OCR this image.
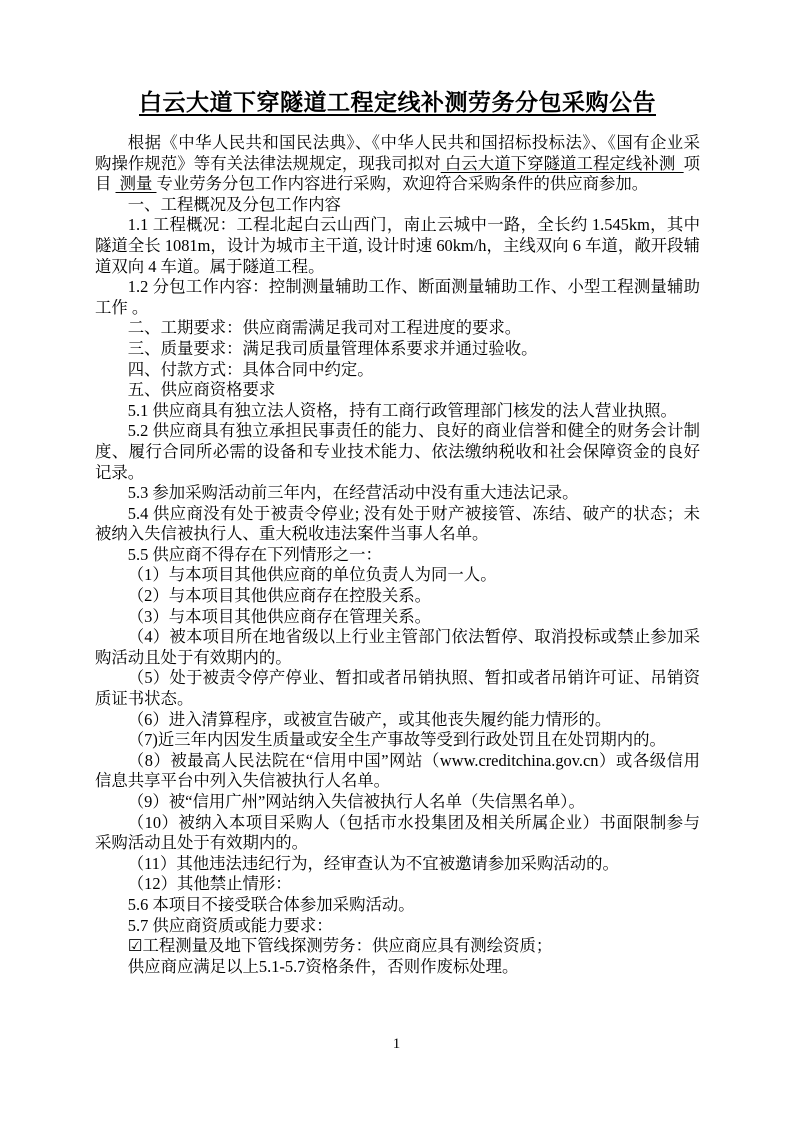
白云大道下穿隧道工程定线补测劳务分包采购公告

根据《中华人民共和国民法典》、《中华人民共和国招标投标法》、《国有企业采购操作规范》等有关法律法规规定，现我司拟对 白云大道下穿隧道工程定线补测  项目  测量 专业劳务分包工作内容进行采购，欢迎符合采购条件的供应商参加。

一、工程概况及分包工作内容

1.1 工程概况：工程北起白云山西门，南止云城中一路，全长约 1.545km，其中隧道全长 1081m，设计为城市主干道, 设计时速 60km/h，主线双向 6 车道，敞开段辅道双向 4 车道。属于隧道工程。

1.2 分包工作内容：控制测量辅助工作、断面测量辅助工作、小型工程测量辅助工作 。

二、工期要求：供应商需满足我司对工程进度的要求。

三、质量要求：满足我司质量管理体系要求并通过验收。

四、付款方式：具体合同中约定。

五、供应商资格要求

5.1 供应商具有独立法人资格，持有工商行政管理部门核发的法人营业执照。

5.2 供应商具有独立承担民事责任的能力、良好的商业信誉和健全的财务会计制度、履行合同所必需的设备和专业技术能力、依法缴纳税收和社会保障资金的良好记录。

5.3 参加采购活动前三年内，在经营活动中没有重大违法记录。

5.4 供应商没有处于被责令停业; 没有处于财产被接管、冻结、破产的状态；未被纳入失信被执行人、重大税收违法案件当事人名单。

5.5 供应商不得存在下列情形之一：

（1）与本项目其他供应商的单位负责人为同一人。

（2）与本项目其他供应商存在控股关系。

（3）与本项目其他供应商存在管理关系。

（4）被本项目所在地省级以上行业主管部门依法暂停、取消投标或禁止参加采购活动且处于有效期内的。

（5）处于被责令停产停业、暂扣或者吊销执照、暂扣或者吊销许可证、吊销资质证书状态。

（6）进入清算程序，或被宣告破产，或其他丧失履约能力情形的。

（7)近三年内因发生质量或安全生产事故等受到行政处罚且在处罚期内的。

（8）被最高人民法院在“信用中国”网站（www.creditchina.gov.cn）或各级信用信息共享平台中列入失信被执行人名单。

（9）被“信用广州”网站纳入失信被执行人名单（失信黑名单）。

（10）被纳入本项目采购人（包括市水投集团及相关所属企业）书面限制参与采购活动且处于有效期内的。

（11）其他违法违纪行为，经审查认为不宜被邀请参加采购活动的。

（12）其他禁止情形：

5.6 本项目不接受联合体参加采购活动。

5.7 供应商资质或能力要求：

☑工程测量及地下管线探测劳务：供应商应具有测绘资质；

供应商应满足以上5.1-5.7资格条件，否则作废标处理。

1
